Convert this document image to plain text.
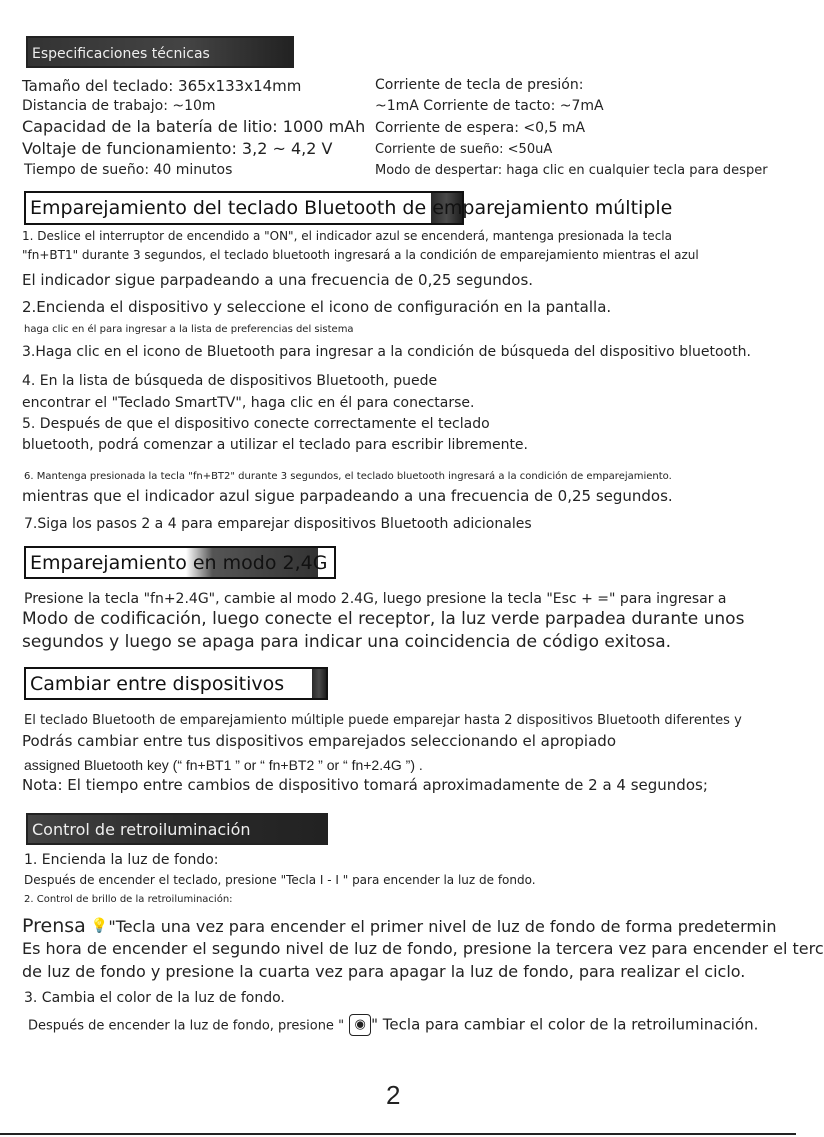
Especificaciones técnicas
Tamaño del teclado: 365x133x14mm
Distancia de trabajo: ~10m
Capacidad de la batería de litio: 1000 mAh
Voltaje de funcionamiento: 3,2 ~ 4,2 V
Tiempo de sueño: 40 minutos
Corriente de tecla de presión:
~1mA Corriente de tacto: ~7mA
Corriente de espera: <0,5 mA
Corriente de sueño: <50uA
Modo de despertar: haga clic en cualquier tecla para desper
Emparejamiento del teclado Bluetooth de emparejamiento múltiple
1. Deslice el interruptor de encendido a "ON", el indicador azul se encenderá, mantenga presionada la tecla
"fn+BT1" durante 3 segundos, el teclado bluetooth ingresará a la condición de emparejamiento mientras el azul
El indicador sigue parpadeando a una frecuencia de 0,25 segundos.
2.Encienda el dispositivo y seleccione el icono de configuración en la pantalla.
haga clic en él para ingresar a la lista de preferencias del sistema
3.Haga clic en el icono de Bluetooth para ingresar a la condición de búsqueda del dispositivo bluetooth.
4. En la lista de búsqueda de dispositivos Bluetooth, puede
encontrar el "Teclado SmartTV", haga clic en él para conectarse.
5. Después de que el dispositivo conecte correctamente el teclado
bluetooth, podrá comenzar a utilizar el teclado para escribir libremente.
6. Mantenga presionada la tecla "fn+BT2" durante 3 segundos, el teclado bluetooth ingresará a la condición de emparejamiento.
mientras que el indicador azul sigue parpadeando a una frecuencia de 0,25 segundos.
7.Siga los pasos 2 a 4 para emparejar dispositivos Bluetooth adicionales
Emparejamiento en modo 2,4G
Presione la tecla "fn+2.4G", cambie al modo 2.4G, luego presione la tecla "Esc + =" para ingresar a
Modo de codificación, luego conecte el receptor, la luz verde parpadea durante unos
segundos y luego se apaga para indicar una coincidencia de código exitosa.
Cambiar entre dispositivos
El teclado Bluetooth de emparejamiento múltiple puede emparejar hasta 2 dispositivos Bluetooth diferentes y
Podrás cambiar entre tus dispositivos emparejados seleccionando el apropiado
assigned Bluetooth key (“ fn+BT1 ” or “ fn+BT2 ” or “ fn+2.4G ”) .
Nota: El tiempo entre cambios de dispositivo tomará aproximadamente de 2 a 4 segundos;
Control de retroiluminación
1. Encienda la luz de fondo:
Después de encender el teclado, presione "Tecla I - I " para encender la luz de fondo.
2. Control de brillo de la retroiluminación:
Prensa 💡"Tecla una vez para encender el primer nivel de luz de fondo de forma predetermin
Es hora de encender el segundo nivel de luz de fondo, presione la tercera vez para encender el terc
de luz de fondo y presione la cuarta vez para apagar la luz de fondo, para realizar el ciclo.
3. Cambia el color de la luz de fondo.
Después de encender la luz de fondo, presione " ◉ " Tecla para cambiar el color de la retroiluminación.
2
